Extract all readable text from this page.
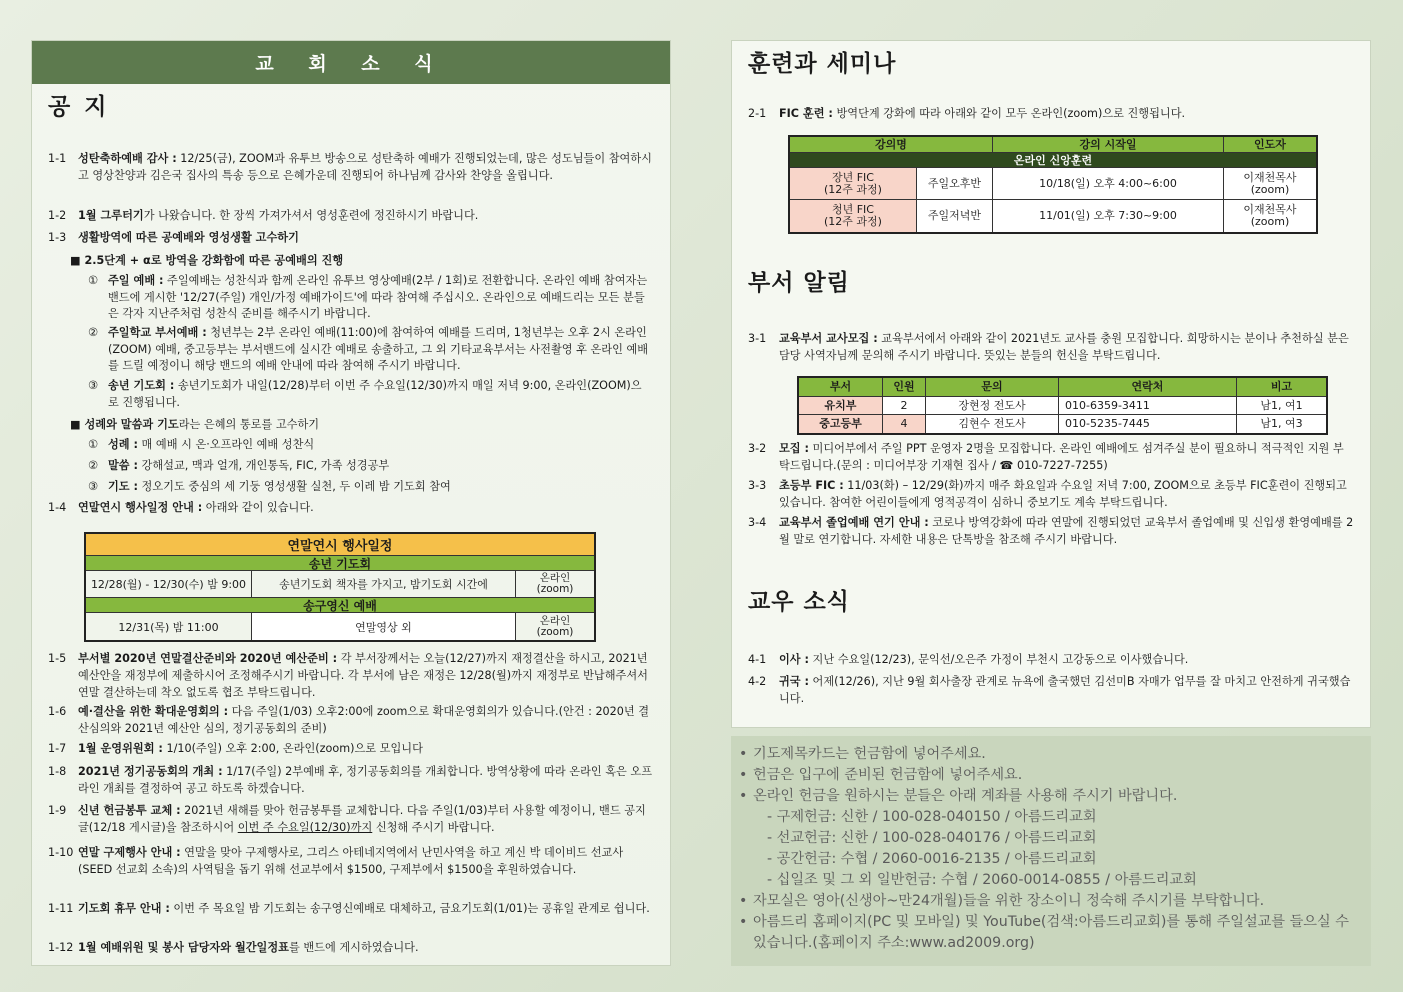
교 회 소 식
공 지
1-1 성탄축하예배 감사 : 12/25(금), ZOOM과 유투브 방송으로 성탄축하 예배가 진행되었는데, 많은 성도님들이 참여하시고 영상찬양과 김은국 집사의 특송 등으로 은혜가운데 진행되어 하나님께 감사와 찬양을 올립니다.
1-2 1월 그루터기가 나왔습니다. 한 장씩 가져가셔서 영성훈련에 정진하시기 바랍니다.
1-3 생활방역에 따른 공예배와 영성생활 고수하기
■ 2.5단계 + α로 방역을 강화함에 따른 공예배의 진행
① 주일 예배 : 주일예배는 성찬식과 함께 온라인 유투브 영상예배(2부 / 1회)로 전환합니다. 온라인 예배 참여자는 밴드에 게시한 '12/27(주일) 개인/가정 예배가이드'에 따라 참여해 주십시오. 온라인으로 예배드리는 모든 분들은 각자 지난주처럼 성찬식 준비를 해주시기 바랍니다.
② 주일학교 부서예배 : 청년부는 2부 온라인 예배(11:00)에 참여하여 예배를 드리며, 1청년부는 오후 2시 온라인(ZOOM) 예배, 중고등부는 부서밴드에 실시간 예배로 송출하고, 그 외 기타교육부서는 사전촬영 후 온라인 예배를 드릴 예정이니 해당 밴드의 예배 안내에 따라 참여해 주시기 바랍니다.
③ 송년 기도회 : 송년기도회가 내일(12/28)부터 이번 주 수요일(12/30)까지 매일 저녁 9:00, 온라인(ZOOM)으로 진행됩니다.
■ 성례와 말씀과 기도라는 은혜의 통로를 고수하기
① 성례 : 매 예배 시 온·오프라인 예배 성찬식
② 말씀 : 강해설교, 맥과 얼개, 개인통독, FIC, 가족 성경공부
③ 기도 : 정오기도 중심의 세 기둥 영성생활 실천, 두 이레 밤 기도회 참여
1-4 연말연시 행사일정 안내 : 아래와 같이 있습니다.
연말연시 행사일정
송년 기도회
12/28(월) - 12/30(수) 밤 9:00	송년기도회 책자를 가지고, 밤기도회 시간에	온라인
(zoom)
송구영신 예배
12/31(목) 밤 11:00	연말영상 외	온라인
(zoom)
1-5 부서별 2020년 연말결산준비와 2020년 예산준비 : 각 부서장께서는 오늘(12/27)까지 재정결산을 하시고, 2021년 예산안을 재정부에 제출하시어 조정해주시기 바랍니다. 각 부서에 남은 재정은 12/28(월)까지 재정부로 반납해주셔서 연말 결산하는데 착오 없도록 협조 부탁드립니다.
1-6 예·결산을 위한 확대운영회의 : 다음 주일(1/03) 오후2:00에 zoom으로 확대운영회의가 있습니다.(안건 : 2020년 결산심의와 2021년 예산안 심의, 정기공동회의 준비)
1-7 1월 운영위원회 : 1/10(주일) 오후 2:00, 온라인(zoom)으로 모입니다
1-8 2021년 정기공동회의 개최 : 1/17(주일) 2부예배 후, 정기공동회의를 개최합니다. 방역상황에 따라 온라인 혹은 오프라인 개최를 결정하여 공고 하도록 하겠습니다.
1-9 신년 헌금봉투 교체 : 2021년 새해를 맞아 헌금봉투를 교체합니다. 다음 주일(1/03)부터 사용할 예정이니, 밴드 공지글(12/18 게시글)을 참조하시어 이번 주 수요일(12/30)까지 신청해 주시기 바랍니다.
1-10 연말 구제행사 안내 : 연말을 맞아 구제행사로, 그리스 아테네지역에서 난민사역을 하고 계신 박 데이비드 선교사(SEED 선교회 소속)의 사역팀을 돕기 위해 선교부에서 $1500, 구제부에서 $1500을 후원하였습니다.
1-11 기도회 휴무 안내 : 이번 주 목요일 밤 기도회는 송구영신예배로 대체하고, 금요기도회(1/01)는 공휴일 관계로 쉽니다.
1-12 1월 예배위원 및 봉사 담당자와 월간일정표를 밴드에 게시하였습니다.
훈련과 세미나
2-1 FIC 훈련 : 방역단계 강화에 따라 아래와 같이 모두 온라인(zoom)으로 진행됩니다.
강의명	강의 시작일	인도자
온라인 신앙훈련
장년 FIC
(12주 과정)	주일오후반	10/18(일) 오후 4:00~6:00	이재천목사
(zoom)
청년 FIC
(12주 과정)	주일저녁반	11/01(일) 오후 7:30~9:00	이재천목사
(zoom)
부서 알림
3-1 교육부서 교사모집 : 교육부서에서 아래와 같이 2021년도 교사를 충원 모집합니다. 희망하시는 분이나 추천하실 분은 담당 사역자님께 문의해 주시기 바랍니다. 뜻있는 분들의 헌신을 부탁드립니다.
부서	인원	문의	연락처	비고
유치부	2	장현정 전도사	010-6359-3411	남1, 여1
중고등부	4	김현수 전도사	010-5235-7445	남1, 여3
3-2 모집 : 미디어부에서 주일 PPT 운영자 2명을 모집합니다. 온라인 예배에도 섬겨주실 분이 필요하니 적극적인 지원 부탁드립니다.(문의 : 미디어부장 기재현 집사 / ☎ 010-7227-7255)
3-3 초등부 FIC : 11/03(화) – 12/29(화)까지 매주 화요일과 수요일 저녁 7:00, ZOOM으로 초등부 FIC훈련이 진행되고 있습니다. 참여한 어린이들에게 영적공격이 심하니 중보기도 계속 부탁드립니다.
3-4 교육부서 졸업예배 연기 안내 : 코로나 방역강화에 따라 연말에 진행되었던 교육부서 졸업예배 및 신입생 환영예배를 2월 말로 연기합니다. 자세한 내용은 단톡방을 참조해 주시기 바랍니다.
교우 소식
4-1 이사 : 지난 수요일(12/23), 문익선/오은주 가정이 부천시 고강동으로 이사했습니다.
4-2 귀국 : 어제(12/26), 지난 9월 회사출장 관계로 뉴욕에 출국했던 김선미B 자매가 업무를 잘 마치고 안전하게 귀국했습니다.
• 기도제목카드는 헌금함에 넣어주세요.
• 헌금은 입구에 준비된 헌금함에 넣어주세요.
• 온라인 헌금을 원하시는 분들은 아래 계좌를 사용해 주시기 바랍니다.
- 구제헌금: 신한 / 100-028-040150 / 아름드리교회
- 선교헌금: 신한 / 100-028-040176 / 아름드리교회
- 공간헌금: 수협 / 2060-0016-2135 / 아름드리교회
- 십일조 및 그 외 일반헌금: 수협 / 2060-0014-0855 / 아름드리교회
• 자모실은 영아(신생아~만24개월)들을 위한 장소이니 정숙해 주시기를 부탁합니다.
• 아름드리 홈페이지(PC 및 모바일) 및 YouTube(검색:아름드리교회)를 통해 주일설교를 들으실 수 있습니다.(홈페이지 주소:www.ad2009.org)
